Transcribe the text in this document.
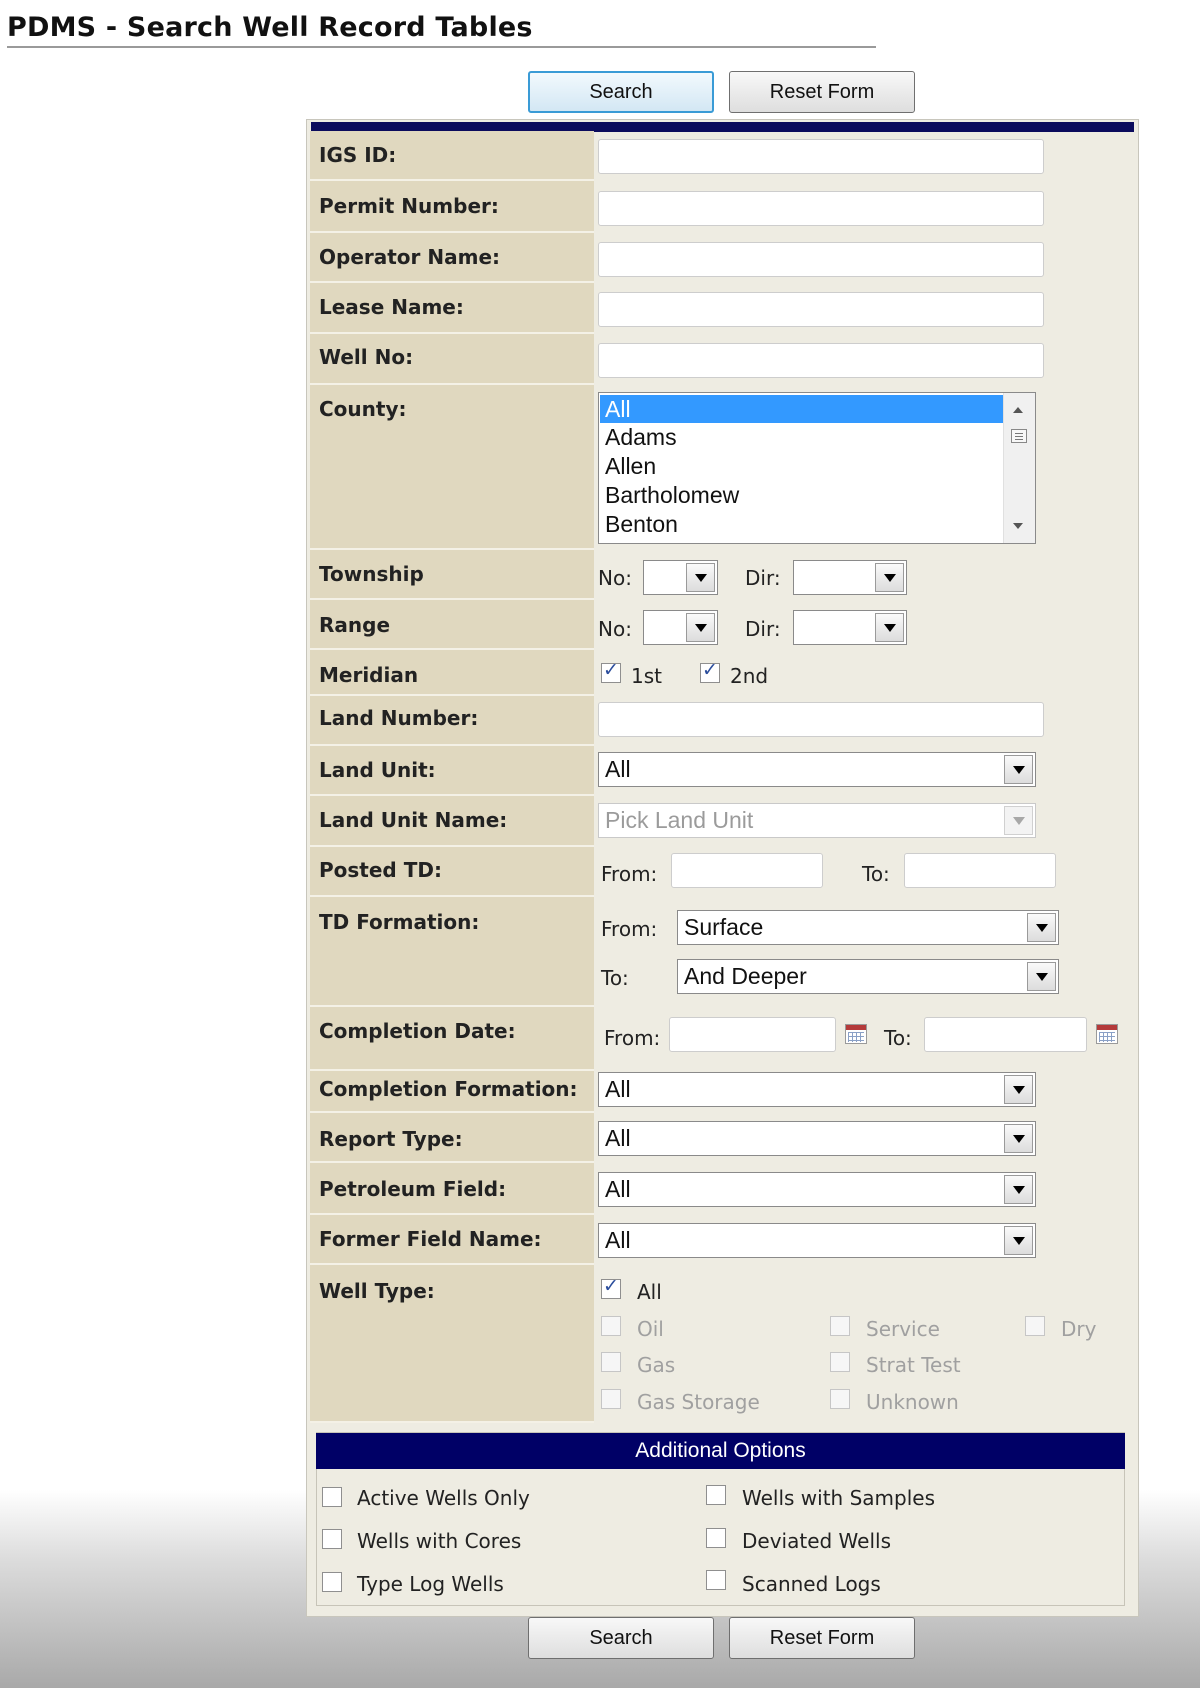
PDMS - Search Well Record Tables
Search	Reset Form
IGS ID:
Permit Number:
Operator Name:
Lease Name:
Well No:
County:
Township
Range
Meridian
Land Number:
Land Unit:
Land Unit Name:
Posted TD:
TD Formation:
Completion Date:
Completion Formation:
Report Type:
Petroleum Field:
Former Field Name:
Well Type:
All
Adams
Allen
Bartholomew
Benton
No:	Dir:
No:	Dir:
✓
1st
✓	2nd
All
Pick Land Unit
From:	To:
From: Surface
To: And Deeper
From:	To:
All
All
All
All
✓
All
Oil	Service	Dry
Gas	Strat Test
Gas Storage	Unknown
Additional Options
Active Wells Only	Wells with Samples
Wells with Cores	Deviated Wells
Type Log Wells	Scanned Logs
Search	Reset Form
